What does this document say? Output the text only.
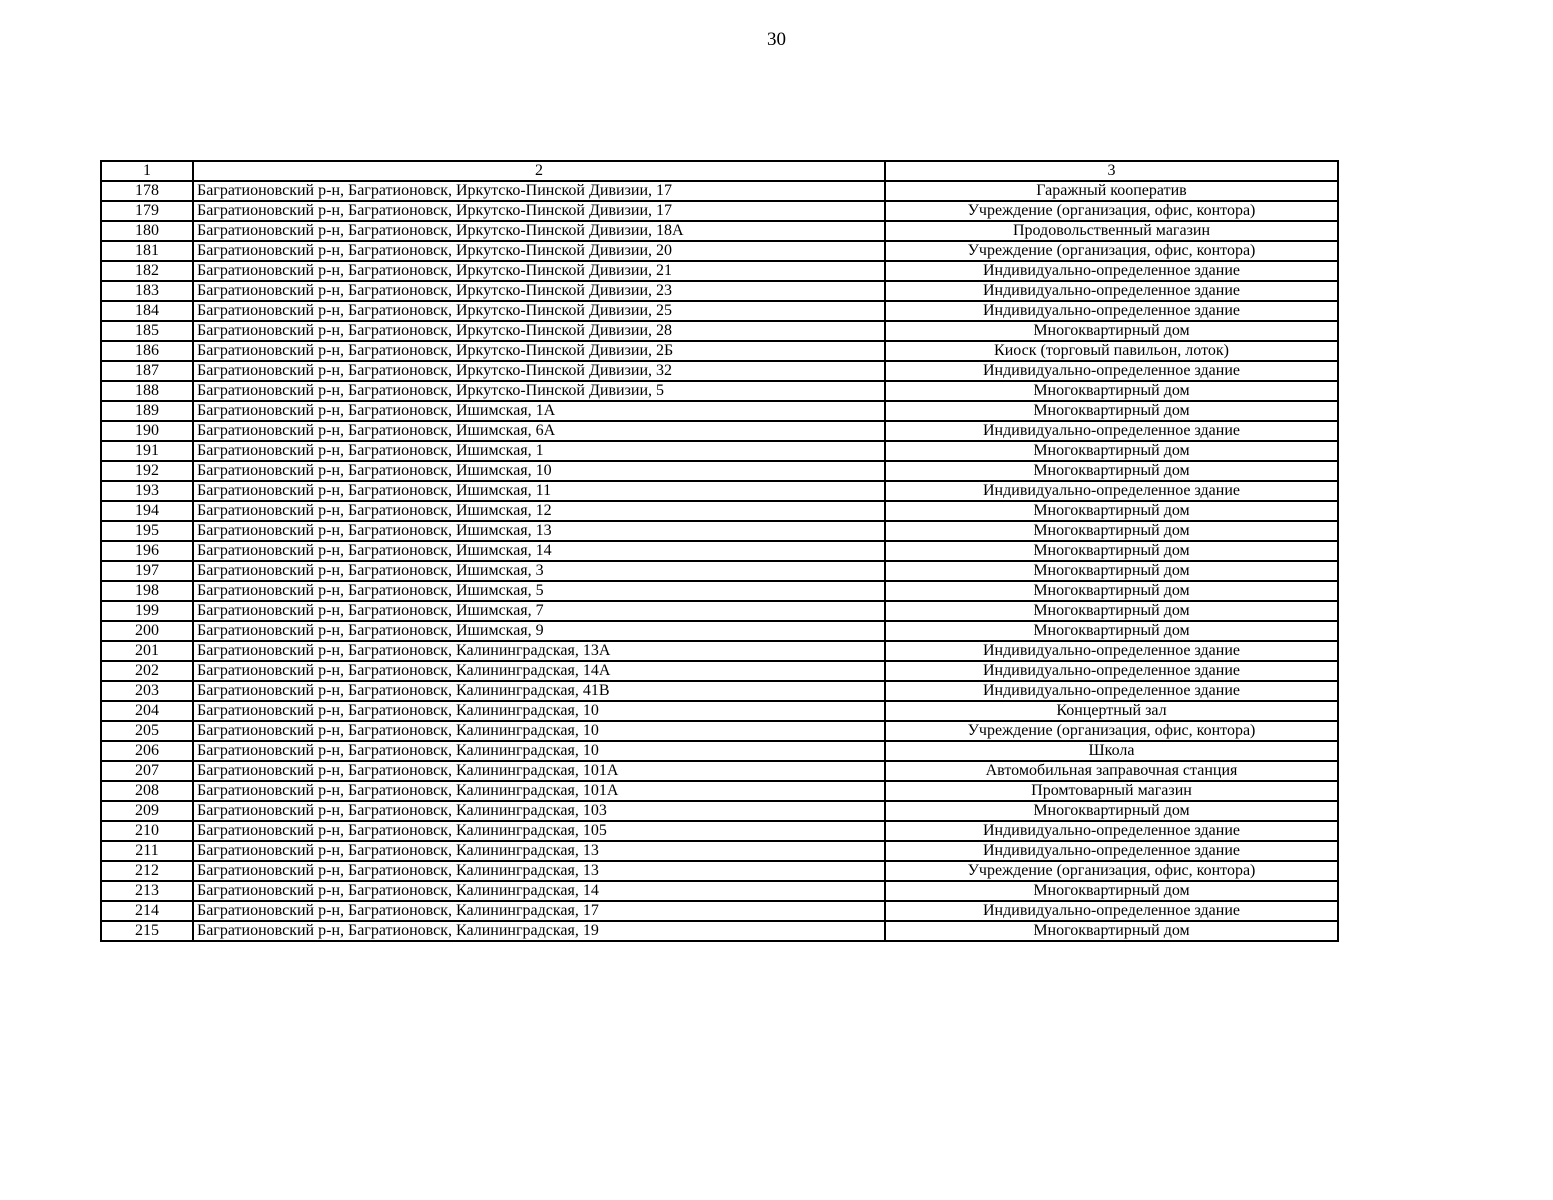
30
1	2	3
178	Багратионовский р-н, Багратионовск, Иркутско-Пинской Дивизии, 17	Гаражный кооператив
179	Багратионовский р-н, Багратионовск, Иркутско-Пинской Дивизии, 17	Учреждение (организация, офис, контора)
180	Багратионовский р-н, Багратионовск, Иркутско-Пинской Дивизии, 18А	Продовольственный магазин
181	Багратионовский р-н, Багратионовск, Иркутско-Пинской Дивизии, 20	Учреждение (организация, офис, контора)
182	Багратионовский р-н, Багратионовск, Иркутско-Пинской Дивизии, 21	Индивидуально-определенное здание
183	Багратионовский р-н, Багратионовск, Иркутско-Пинской Дивизии, 23	Индивидуально-определенное здание
184	Багратионовский р-н, Багратионовск, Иркутско-Пинской Дивизии, 25	Индивидуально-определенное здание
185	Багратионовский р-н, Багратионовск, Иркутско-Пинской Дивизии, 28	Многоквартирный дом
186	Багратионовский р-н, Багратионовск, Иркутско-Пинской Дивизии, 2Б	Киоск (торговый павильон, лоток)
187	Багратионовский р-н, Багратионовск, Иркутско-Пинской Дивизии, 32	Индивидуально-определенное здание
188	Багратионовский р-н, Багратионовск, Иркутско-Пинской Дивизии, 5	Многоквартирный дом
189	Багратионовский р-н, Багратионовск, Ишимская, 1А	Многоквартирный дом
190	Багратионовский р-н, Багратионовск, Ишимская, 6А	Индивидуально-определенное здание
191	Багратионовский р-н, Багратионовск, Ишимская, 1	Многоквартирный дом
192	Багратионовский р-н, Багратионовск, Ишимская, 10	Многоквартирный дом
193	Багратионовский р-н, Багратионовск, Ишимская, 11	Индивидуально-определенное здание
194	Багратионовский р-н, Багратионовск, Ишимская, 12	Многоквартирный дом
195	Багратионовский р-н, Багратионовск, Ишимская, 13	Многоквартирный дом
196	Багратионовский р-н, Багратионовск, Ишимская, 14	Многоквартирный дом
197	Багратионовский р-н, Багратионовск, Ишимская, 3	Многоквартирный дом
198	Багратионовский р-н, Багратионовск, Ишимская, 5	Многоквартирный дом
199	Багратионовский р-н, Багратионовск, Ишимская, 7	Многоквартирный дом
200	Багратионовский р-н, Багратионовск, Ишимская, 9	Многоквартирный дом
201	Багратионовский р-н, Багратионовск, Калининградская, 13А	Индивидуально-определенное здание
202	Багратионовский р-н, Багратионовск, Калининградская, 14А	Индивидуально-определенное здание
203	Багратионовский р-н, Багратионовск, Калининградская, 41В	Индивидуально-определенное здание
204	Багратионовский р-н, Багратионовск, Калининградская, 10	Концертный зал
205	Багратионовский р-н, Багратионовск, Калининградская, 10	Учреждение (организация, офис, контора)
206	Багратионовский р-н, Багратионовск, Калининградская, 10	Школа
207	Багратионовский р-н, Багратионовск, Калининградская, 101А	Автомобильная заправочная станция
208	Багратионовский р-н, Багратионовск, Калининградская, 101А	Промтоварный магазин
209	Багратионовский р-н, Багратионовск, Калининградская, 103	Многоквартирный дом
210	Багратионовский р-н, Багратионовск, Калининградская, 105	Индивидуально-определенное здание
211	Багратионовский р-н, Багратионовск, Калининградская, 13	Индивидуально-определенное здание
212	Багратионовский р-н, Багратионовск, Калининградская, 13	Учреждение (организация, офис, контора)
213	Багратионовский р-н, Багратионовск, Калининградская, 14	Многоквартирный дом
214	Багратионовский р-н, Багратионовск, Калининградская, 17	Индивидуально-определенное здание
215	Багратионовский р-н, Багратионовск, Калининградская, 19	Многоквартирный дом
